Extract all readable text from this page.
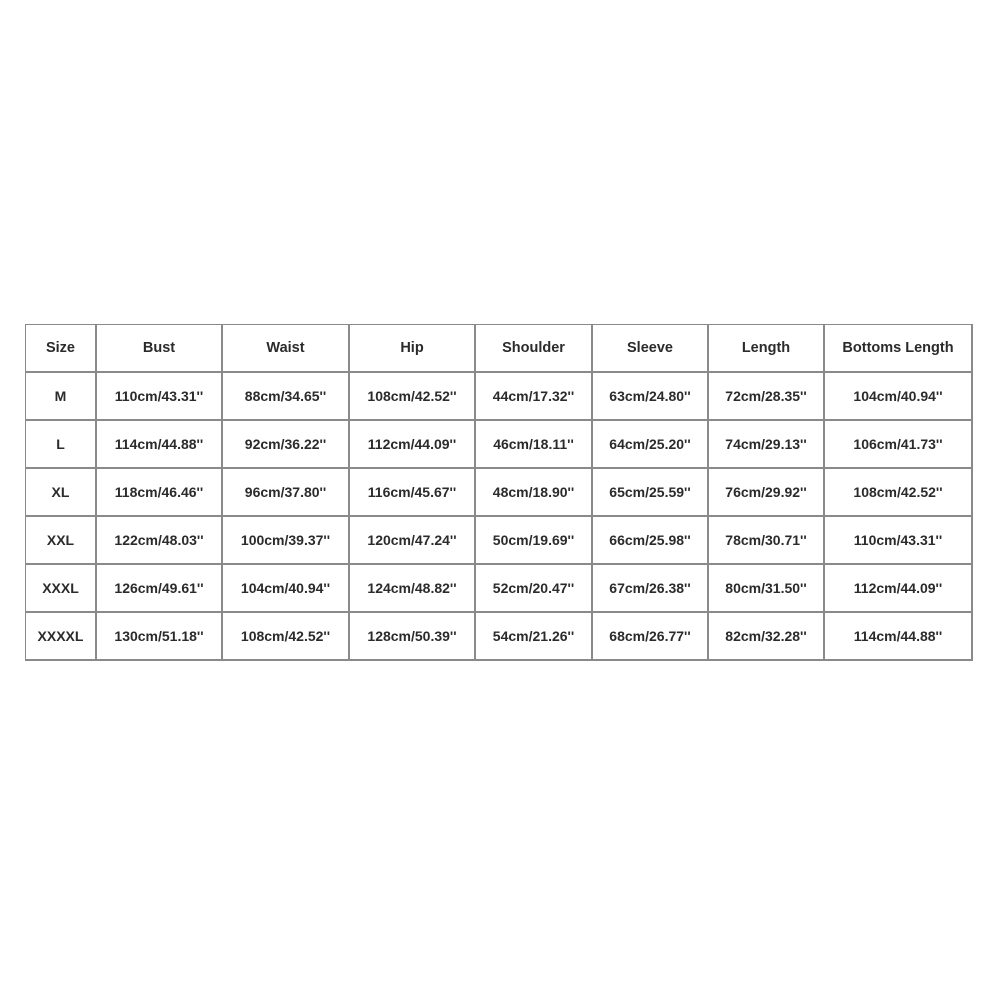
Size	Bust	Waist	Hip	Shoulder	Sleeve	Length	Bottoms Length
M	110cm/43.31''	88cm/34.65''	108cm/42.52''	44cm/17.32''	63cm/24.80''	72cm/28.35''	104cm/40.94''
L	114cm/44.88''	92cm/36.22''	112cm/44.09''	46cm/18.11''	64cm/25.20''	74cm/29.13''	106cm/41.73''
XL	118cm/46.46''	96cm/37.80''	116cm/45.67''	48cm/18.90''	65cm/25.59''	76cm/29.92''	108cm/42.52''
XXL	122cm/48.03''	100cm/39.37''	120cm/47.24''	50cm/19.69''	66cm/25.98''	78cm/30.71''	110cm/43.31''
XXXL	126cm/49.61''	104cm/40.94''	124cm/48.82''	52cm/20.47''	67cm/26.38''	80cm/31.50''	112cm/44.09''
XXXXL	130cm/51.18''	108cm/42.52''	128cm/50.39''	54cm/21.26''	68cm/26.77''	82cm/32.28''	114cm/44.88''
